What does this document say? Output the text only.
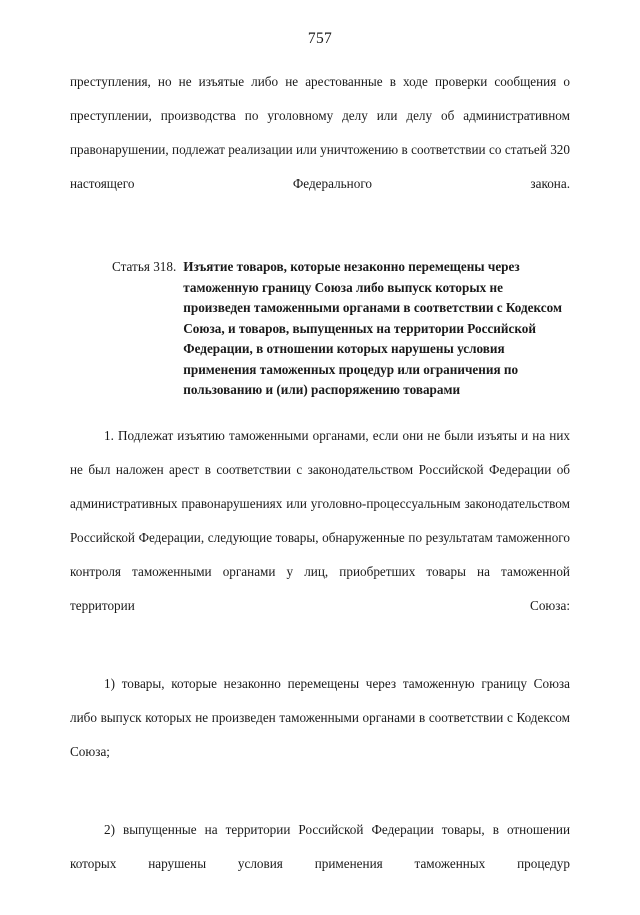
757

преступления, но не изъятые либо не арестованные в ходе проверки сообщения о преступлении, производства по уголовному делу или делу об административном правонарушении, подлежат реализации или уничтожению в соответствии со статьей 320 настоящего Федерального закона.

Статья 318. Изъятие товаров, которые незаконно перемещены через таможенную границу Союза либо выпуск которых не произведен таможенными органами в соответствии с Кодексом Союза, и товаров, выпущенных на территории Российской Федерации, в отношении которых нарушены условия применения таможенных процедур или ограничения по пользованию и (или) распоряжению товарами

1. Подлежат изъятию таможенными органами, если они не были изъяты и на них не был наложен арест в соответствии с законодательством Российской Федерации об административных правонарушениях или уголовно-процессуальным законодательством Российской Федерации, следующие товары, обнаруженные по результатам таможенного контроля таможенными органами у лиц, приобретших товары на таможенной территории Союза:

1) товары, которые незаконно перемещены через таможенную границу Союза либо выпуск которых не произведен таможенными органами в соответствии с Кодексом Союза;

2) выпущенные на территории Российской Федерации товары, в отношении которых нарушены условия применения таможенных процедур
